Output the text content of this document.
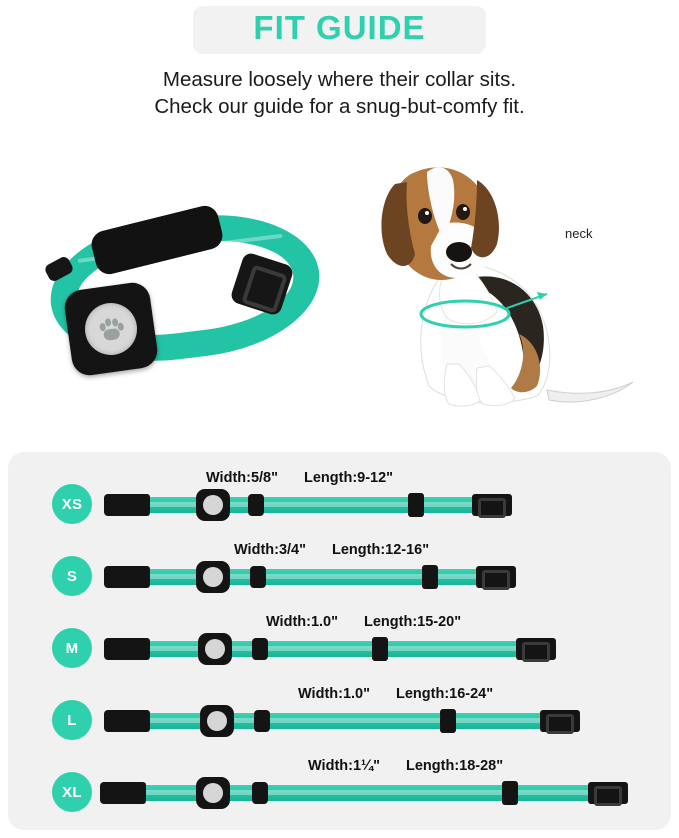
FIT GUIDE
Measure loosely where their collar sits.
Check our guide for a snug-but-comfy fit.
neck
XS
Width:5/8" Length:9-12"
S
Width:3/4" Length:12-16"
M
Width:1.0" Length:15-20"
L
Width:1.0" Length:16-24"
XL
Width:1¼" Length:18-28"
